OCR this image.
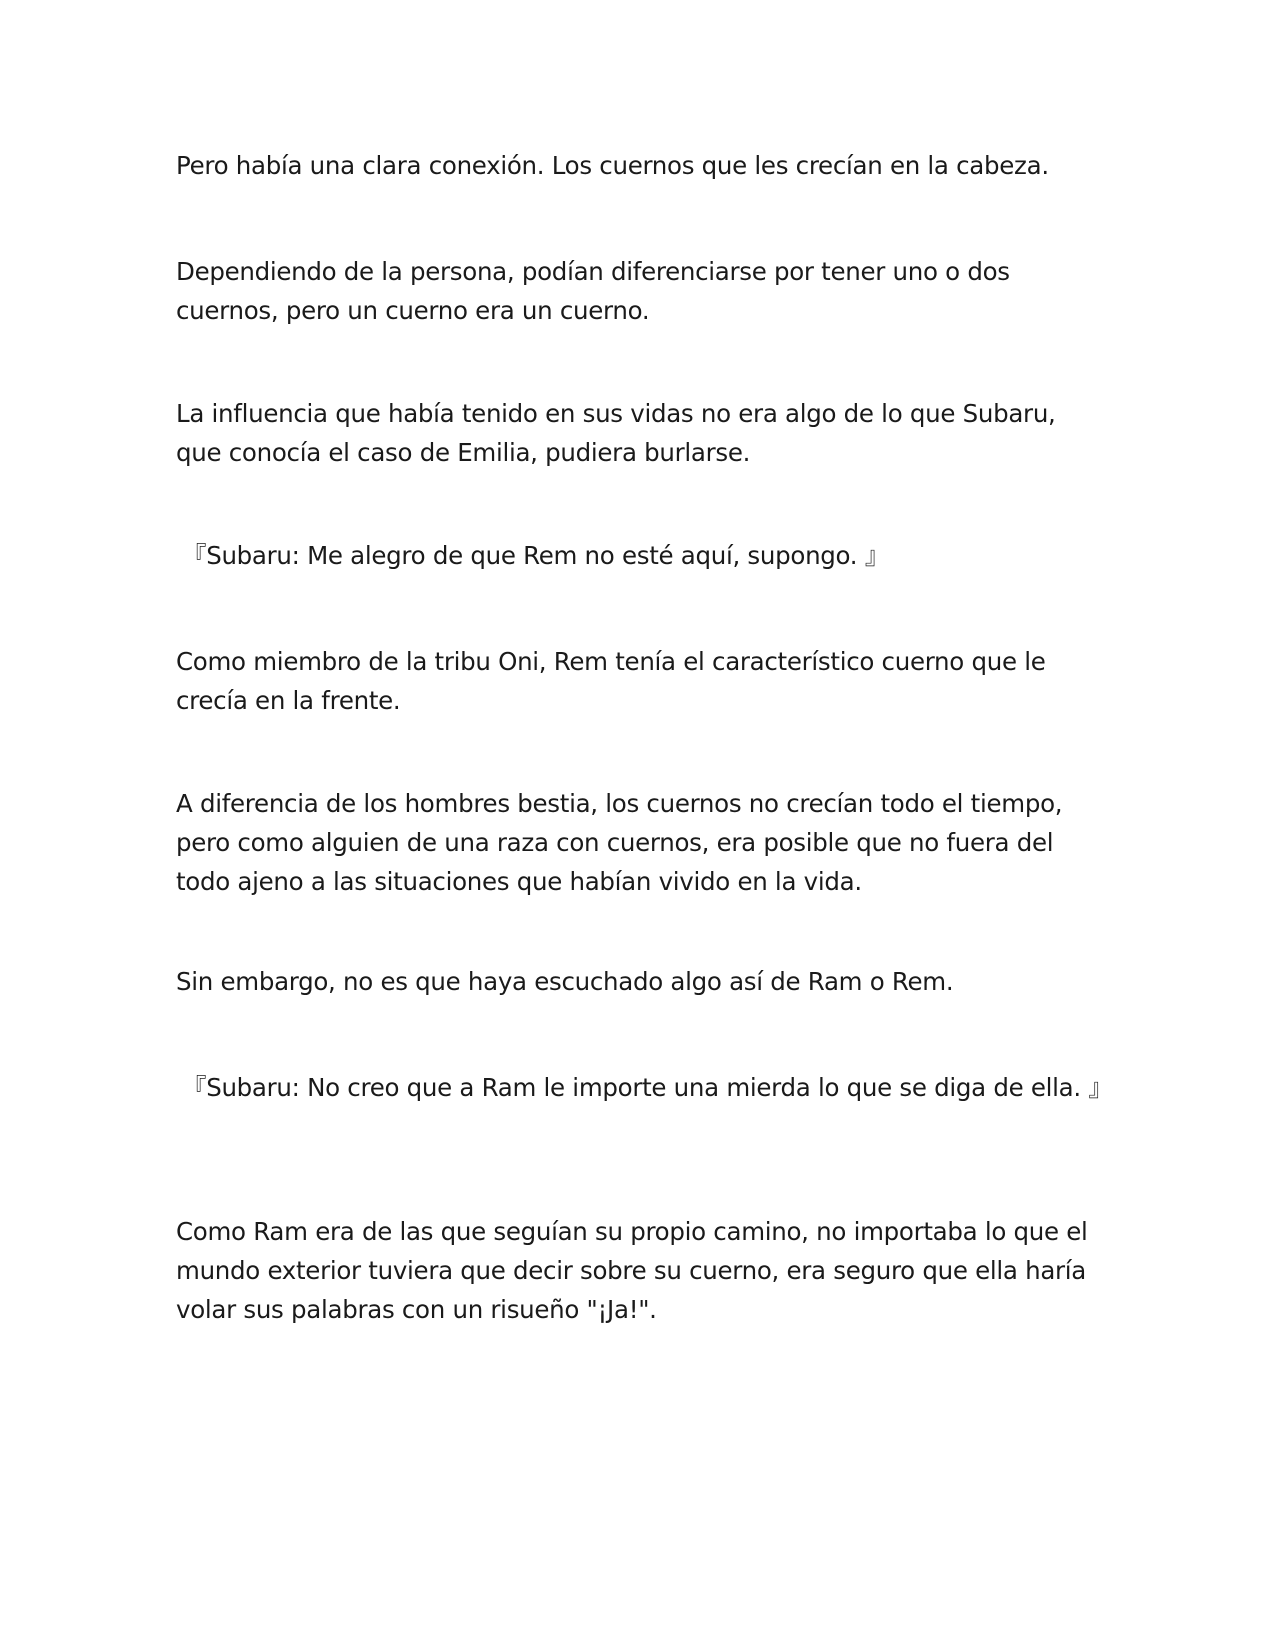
Pero había una clara conexión. Los cuernos que les crecían en la cabeza.

Dependiendo de la persona, podían diferenciarse por tener uno o dos cuernos, pero un cuerno era un cuerno.

La influencia que había tenido en sus vidas no era algo de lo que Subaru, que conocía el caso de Emilia, pudiera burlarse.

『Subaru: Me alegro de que Rem no esté aquí, supongo. 』

Como miembro de la tribu Oni, Rem tenía el característico cuerno que le crecía en la frente.

A diferencia de los hombres bestia, los cuernos no crecían todo el tiempo, pero como alguien de una raza con cuernos, era posible que no fuera del todo ajeno a las situaciones que habían vivido en la vida.

Sin embargo, no es que haya escuchado algo así de Ram o Rem.

『Subaru: No creo que a Ram le importe una mierda lo que se diga de ella. 』

Como Ram era de las que seguían su propio camino, no importaba lo que el mundo exterior tuviera que decir sobre su cuerno, era seguro que ella haría volar sus palabras con un risueño "¡Ja!".
